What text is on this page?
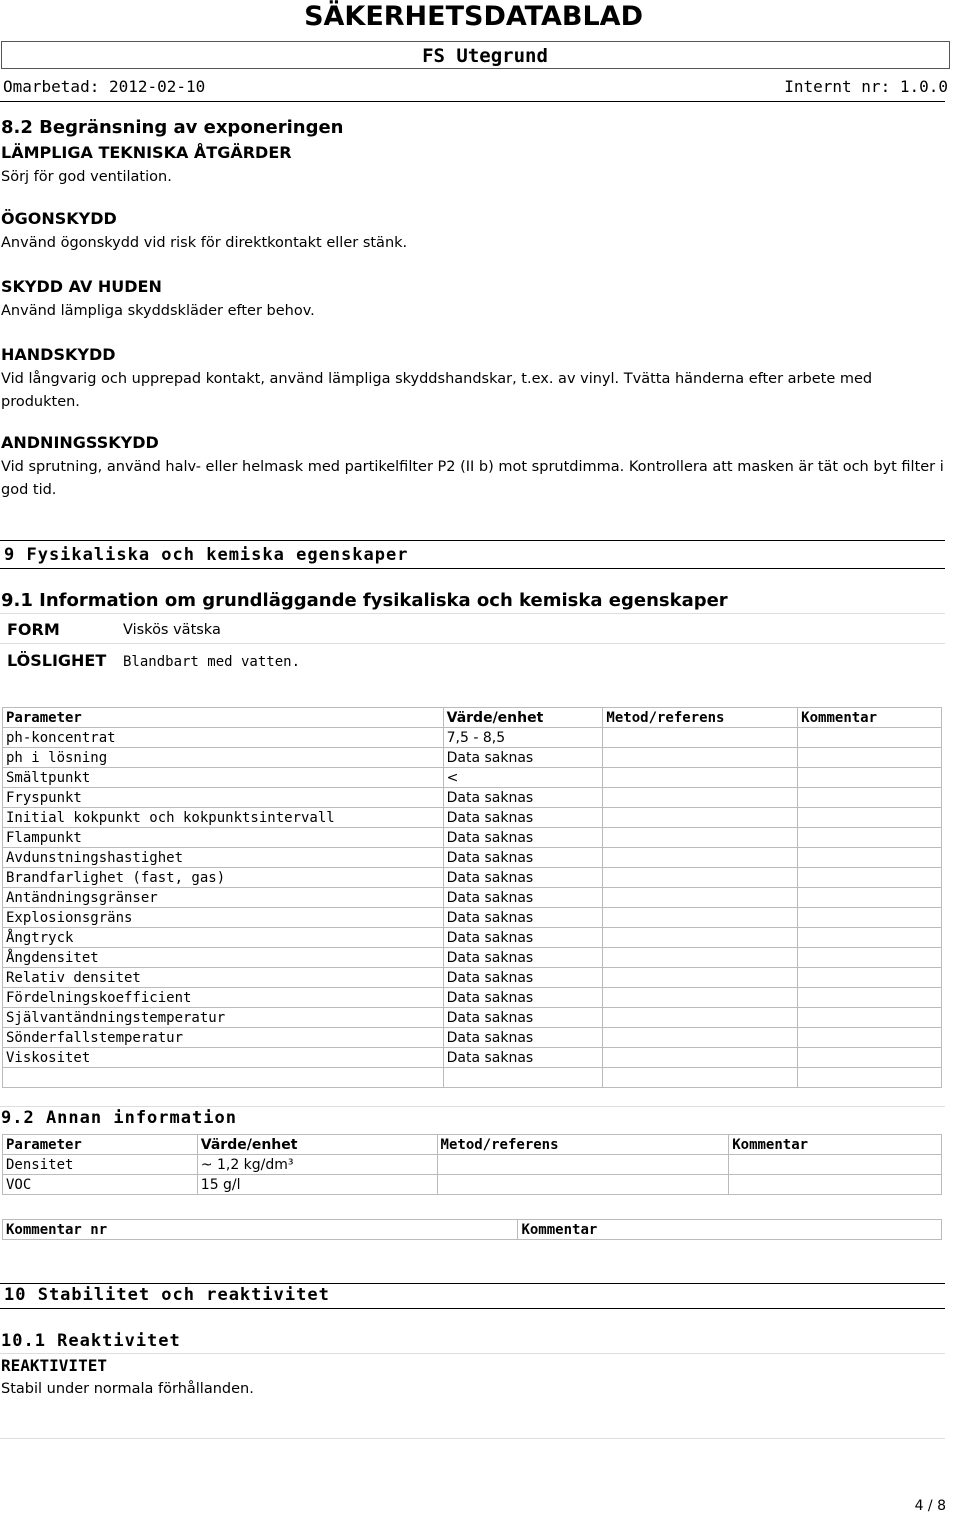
SÄKERHETSDATABLAD
FS Utegrund
Omarbetad: 2012-02-10	Internt nr: 1.0.0
8.2 Begränsning av exponeringen
LÄMPLIGA TEKNISKA ÅTGÄRDER
Sörj för god ventilation.
ÖGONSKYDD
Använd ögonskydd vid risk för direktkontakt eller stänk.
SKYDD AV HUDEN
Använd lämpliga skyddskläder efter behov.
HANDSKYDD
Vid långvarig och upprepad kontakt, använd lämpliga skyddshandskar, t.ex. av vinyl. Tvätta händerna efter arbete med produkten.
ANDNINGSSKYDD
Vid sprutning, använd halv- eller helmask med partikelfilter P2 (II b) mot sprutdimma. Kontrollera att masken är tät och byt filter i god tid.
9 Fysikaliska och kemiska egenskaper
9.1 Information om grundläggande fysikaliska och kemiska egenskaper
FORM	Viskös vätska
LÖSLIGHET Blandbart med vatten.
Parameter	Värde/enhet	Metod/referens	Kommentar
ph-koncentrat	7,5 - 8,5		
ph i lösning	Data saknas		
Smältpunkt	<		
Fryspunkt	Data saknas		
Initial kokpunkt och kokpunktsintervall	Data saknas		
Flampunkt	Data saknas		
Avdunstningshastighet	Data saknas		
Brandfarlighet (fast, gas)	Data saknas		
Antändningsgränser	Data saknas		
Explosionsgräns	Data saknas		
Ångtryck	Data saknas		
Ångdensitet	Data saknas		
Relativ densitet	Data saknas		
Fördelningskoefficient	Data saknas		
Självantändningstemperatur	Data saknas		
Sönderfallstemperatur	Data saknas		
Viskositet	Data saknas		

9.2 Annan information
Parameter	Värde/enhet	Metod/referens	Kommentar
Densitet	~ 1,2 kg/dm³		
VOC	15 g/l		
Kommentar nr	Kommentar
10 Stabilitet och reaktivitet
10.1 Reaktivitet
REAKTIVITET
Stabil under normala förhållanden.
4 / 8
